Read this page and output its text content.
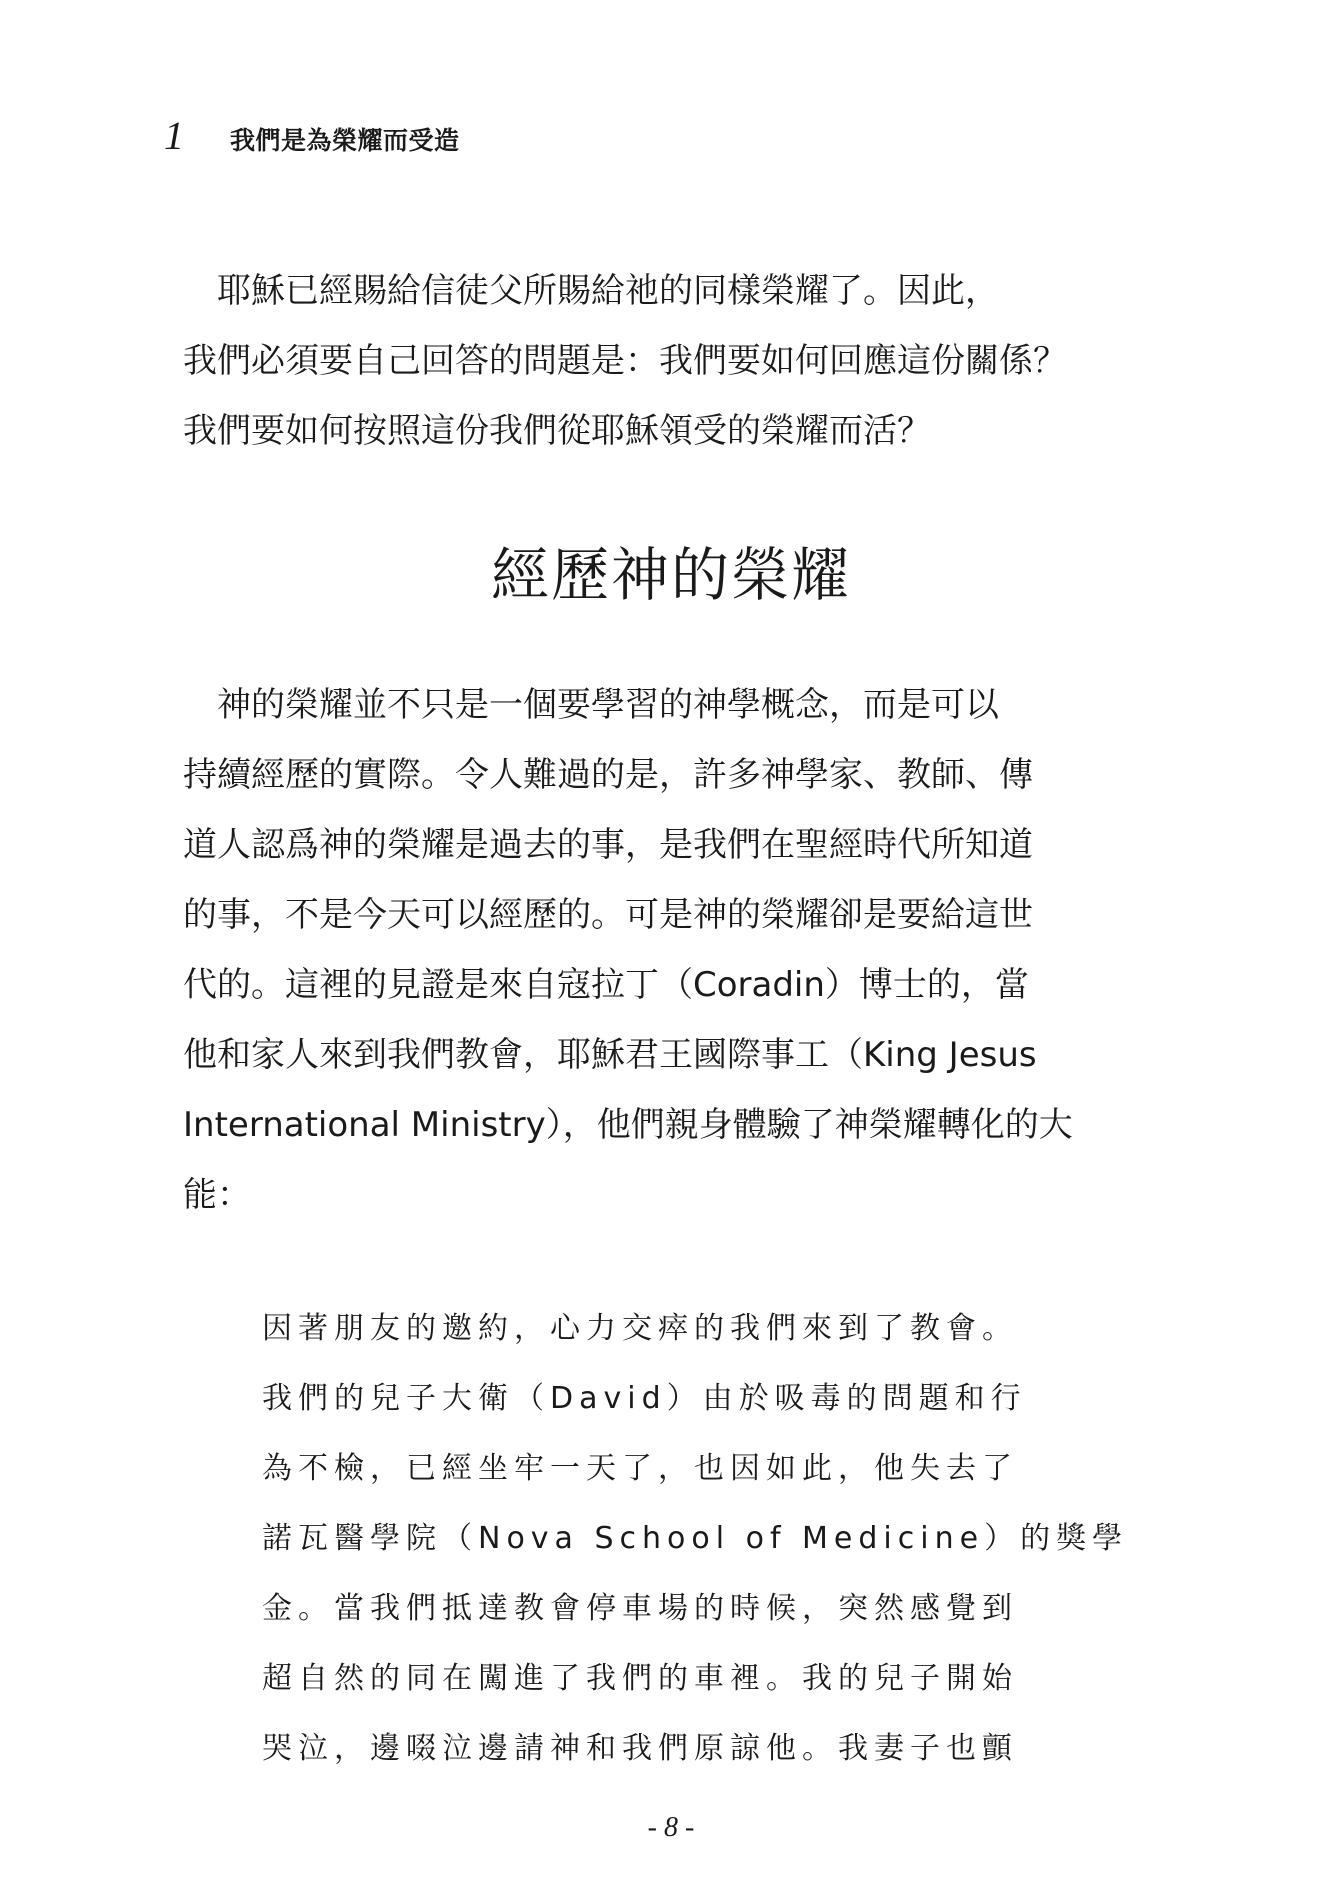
1 我們是為榮耀而受造

　耶穌已經賜給信徒父所賜給祂的同樣榮耀了。因此，
我們必須要自己回答的問題是：我們要如何回應這份關係？
我們要如何按照這份我們從耶穌領受的榮耀而活？

經歷神的榮耀

　神的榮耀並不只是一個要學習的神學概念，而是可以
持續經歷的實際。令人難過的是，許多神學家、教師、傳
道人認爲神的榮耀是過去的事，是我們在聖經時代所知道
的事，不是今天可以經歷的。可是神的榮耀卻是要給這世
代的。這裡的見證是來自寇拉丁（Coradin）博士的，當
他和家人來到我們教會，耶穌君王國際事工（King Jesus
International Ministry），他們親身體驗了神榮耀轉化的大
能：

因著朋友的邀約，心力交瘁的我們來到了教會。
我們的兒子大衛（David）由於吸毒的問題和行
為不檢，已經坐牢一天了，也因如此，他失去了
諾瓦醫學院（Nova School of Medicine）的獎學
金。當我們抵達教會停車場的時候，突然感覺到
超自然的同在闖進了我們的車裡。我的兒子開始
哭泣，邊啜泣邊請神和我們原諒他。我妻子也顫
- 8 -
